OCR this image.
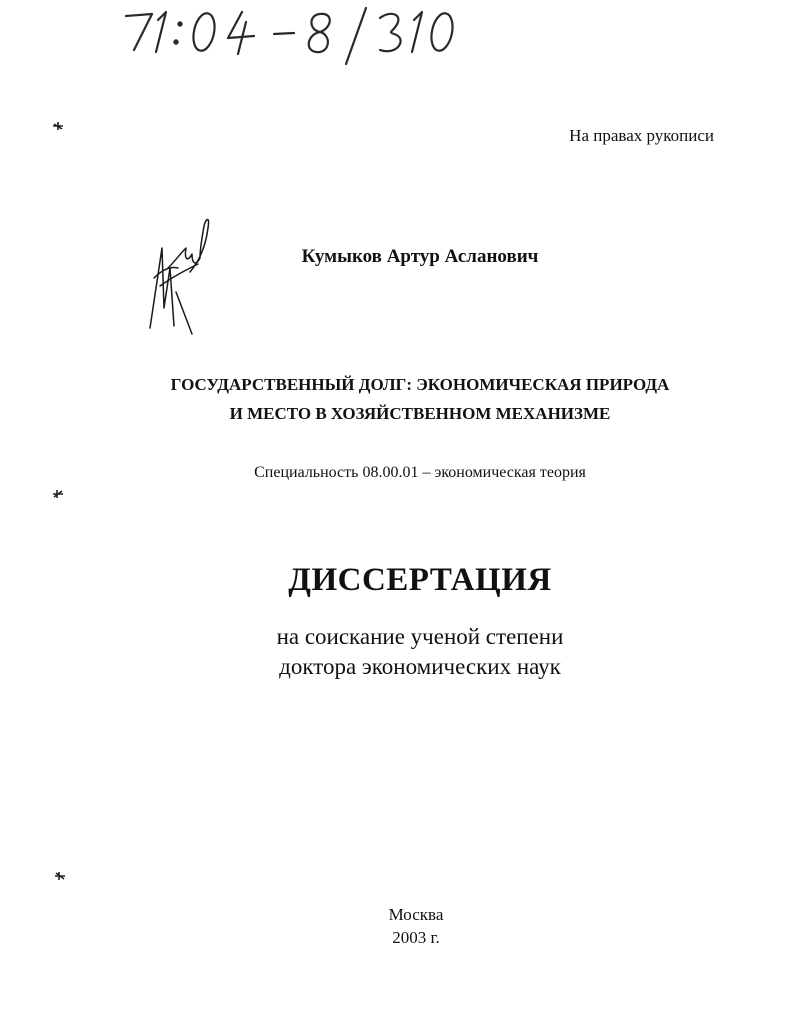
На правах рукописи
Кумыков Артур Асланович
ГОСУДАРСТВЕННЫЙ ДОЛГ: ЭКОНОМИЧЕСКАЯ ПРИРОДА
И МЕСТО В ХОЗЯЙСТВЕННОМ МЕХАНИЗМЕ
Специальность 08.00.01 – экономическая теория
ДИССЕРТАЦИЯ
на соискание ученой степени
доктора экономических наук
Москва
2003 г.
